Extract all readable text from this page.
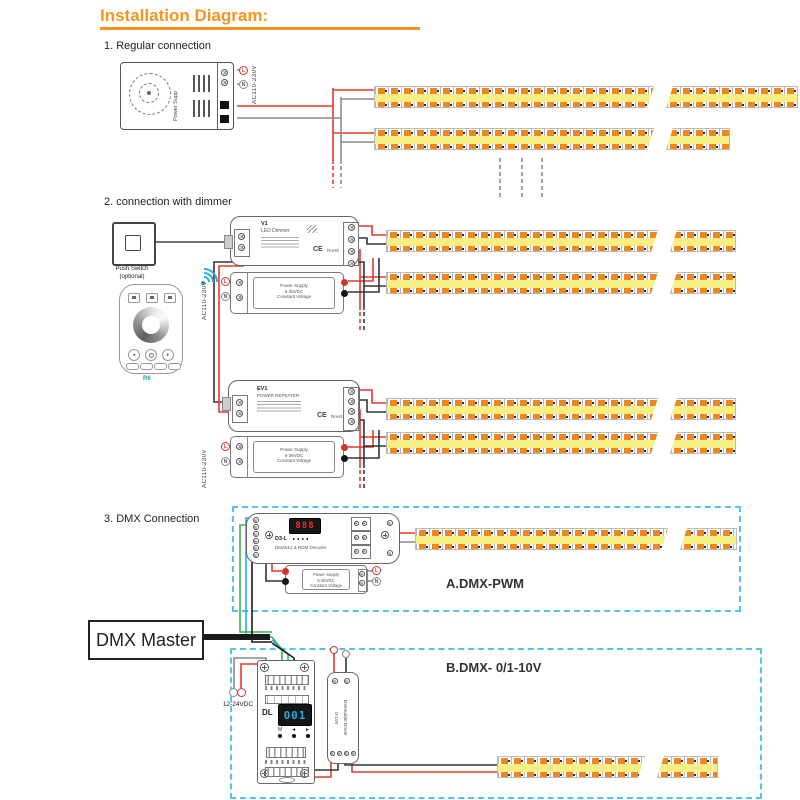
Installation Diagram:
1. Regular connection
2. connection with dimmer
3. DMX Connection
A.DMX-PWM
B.DMX- 0/1-10V
Power Supp
L
N	AC110-230V
Push Switch
(optional)
◂	▸
R6
V1
LED Dimmer
CE RoHS
Power Supply
5-36VDC
Constant Voltage
L
N
AC110-230V
EV1
POWER REPEATER
CE RoHS
Power Supply
5-36VDC
Constant Voltage
L
N
AC110-230V
888
D3-L
DMX512 & RDM Decoder
Power Supply
5-36VDC
Constant Voltage
L
N
DMX Master
DL 001
M ◄ ►
12-24VDC
0-10V Dimmable Driver
